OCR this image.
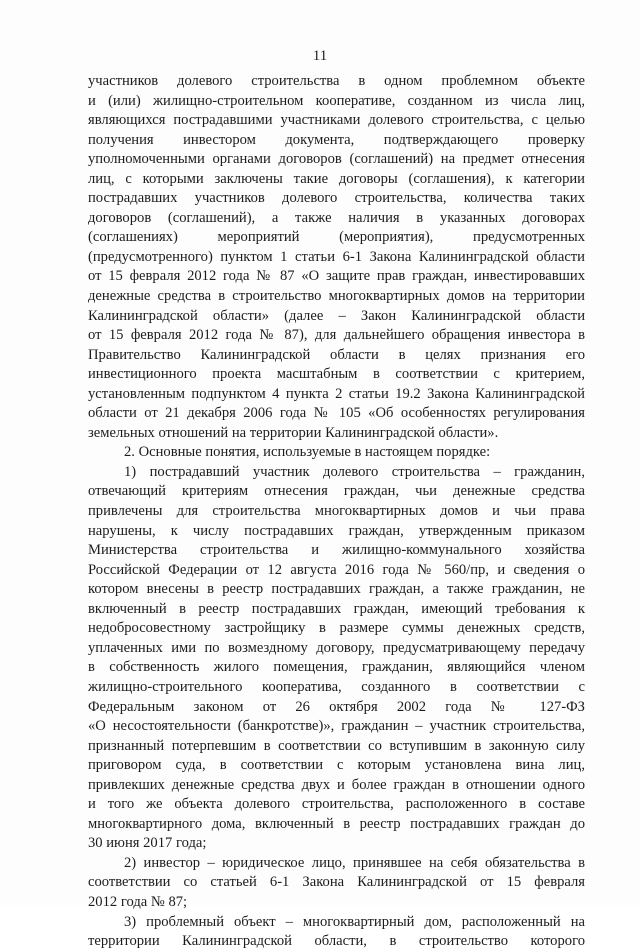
11
участников долевого строительства в одном проблемном объекте
и (или) жилищно-строительном кооперативе, созданном из числа лиц,
являющихся пострадавшими участниками долевого строительства, с целью
получения инвестором документа, подтверждающего проверку
уполномоченными органами договоров (соглашений) на предмет отнесения
лиц, с которыми заключены такие договоры (соглашения), к категории
пострадавших участников долевого строительства, количества таких
договоров (соглашений), а также наличия в указанных договорах
(соглашениях) мероприятий (мероприятия), предусмотренных
(предусмотренного) пунктом 1 статьи 6-1 Закона Калининградской области
от 15 февраля 2012 года № 87 «О защите прав граждан, инвестировавших
денежные средства в строительство многоквартирных домов на территории
Калининградской области» (далее – Закон Калининградской области
от 15 февраля 2012 года № 87), для дальнейшего обращения инвестора в
Правительство Калининградской области в целях признания его
инвестиционного проекта масштабным в соответствии с критерием,
установленным подпунктом 4 пункта 2 статьи 19.2 Закона Калининградской
области от 21 декабря 2006 года № 105 «Об особенностях регулирования
земельных отношений на территории Калининградской области».
2. Основные понятия, используемые в настоящем порядке:
1) пострадавший участник долевого строительства – гражданин,
отвечающий критериям отнесения граждан, чьи денежные средства
привлечены для строительства многоквартирных домов и чьи права
нарушены, к числу пострадавших граждан, утвержденным приказом
Министерства строительства и жилищно-коммунального хозяйства
Российской Федерации от 12 августа 2016 года № 560/пр, и сведения о
котором внесены в реестр пострадавших граждан, а также гражданин, не
включенный в реестр пострадавших граждан, имеющий требования к
недобросовестному застройщику в размере суммы денежных средств,
уплаченных ими по возмездному договору, предусматривающему передачу
в собственность жилого помещения, гражданин, являющийся членом
жилищно-строительного кооператива, созданного в соответствии с
Федеральным законом от 26 октября 2002 года № 127-ФЗ
«О несостоятельности (банкротстве)», гражданин – участник строительства,
признанный потерпевшим в соответствии со вступившим в законную силу
приговором суда, в соответствии с которым установлена вина лиц,
привлекших денежные средства двух и более граждан в отношении одного
и того же объекта долевого строительства, расположенного в составе
многоквартирного дома, включенный в реестр пострадавших граждан до
30 июня 2017 года;
2) инвестор – юридическое лицо, принявшее на себя обязательства в
соответствии со статьей 6-1 Закона Калининградской от 15 февраля
2012 года № 87;
3) проблемный объект – многоквартирный дом, расположенный на
территории Калининградской области, в строительство которого
